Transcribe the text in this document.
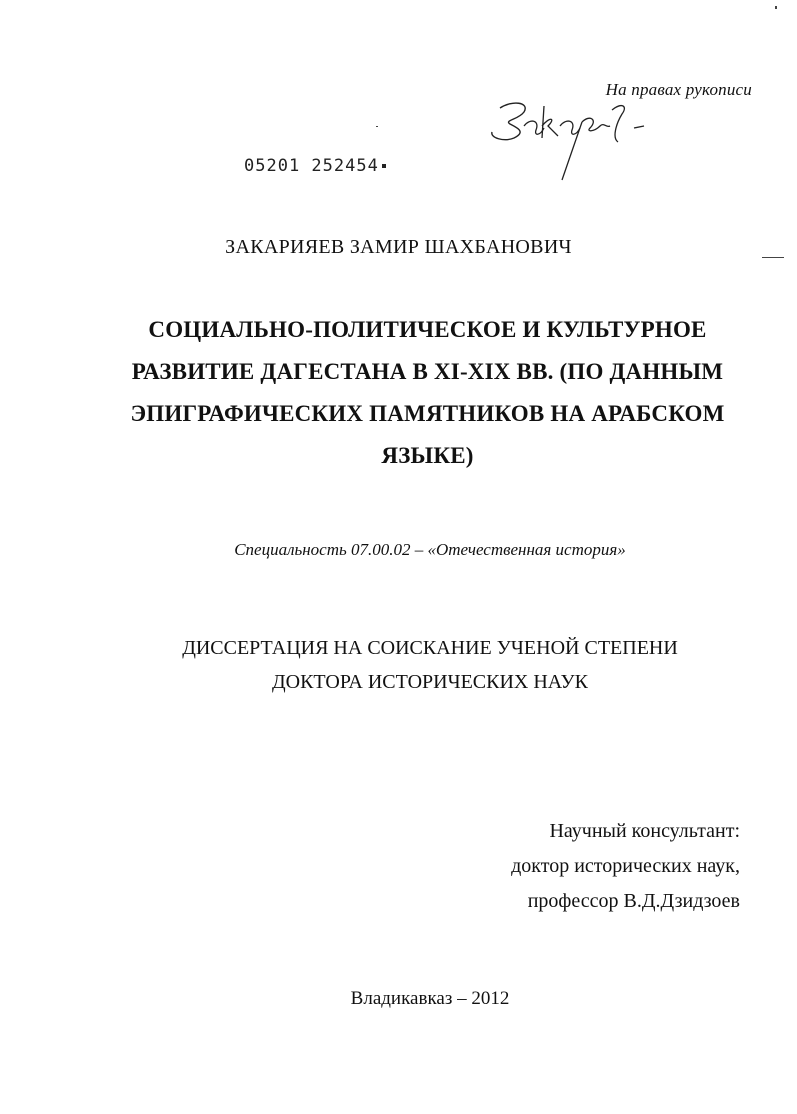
На правах рукописи
05201 252454
ЗАКАРИЯЕВ ЗАМИР ШАХБАНОВИЧ
СОЦИАЛЬНО-ПОЛИТИЧЕСКОЕ И КУЛЬТУРНОЕ
РАЗВИТИЕ ДАГЕСТАНА В XI-XIX ВВ. (ПО ДАННЫМ
ЭПИГРАФИЧЕСКИХ ПАМЯТНИКОВ НА АРАБСКОМ
ЯЗЫКЕ)
Специальность 07.00.02 – «Отечественная история»
ДИССЕРТАЦИЯ НА СОИСКАНИЕ УЧЕНОЙ СТЕПЕНИ
ДОКТОРА ИСТОРИЧЕСКИХ НАУК
Научный консультант:
доктор исторических наук,
профессор В.Д.Дзидзоев
Владикавказ – 2012
